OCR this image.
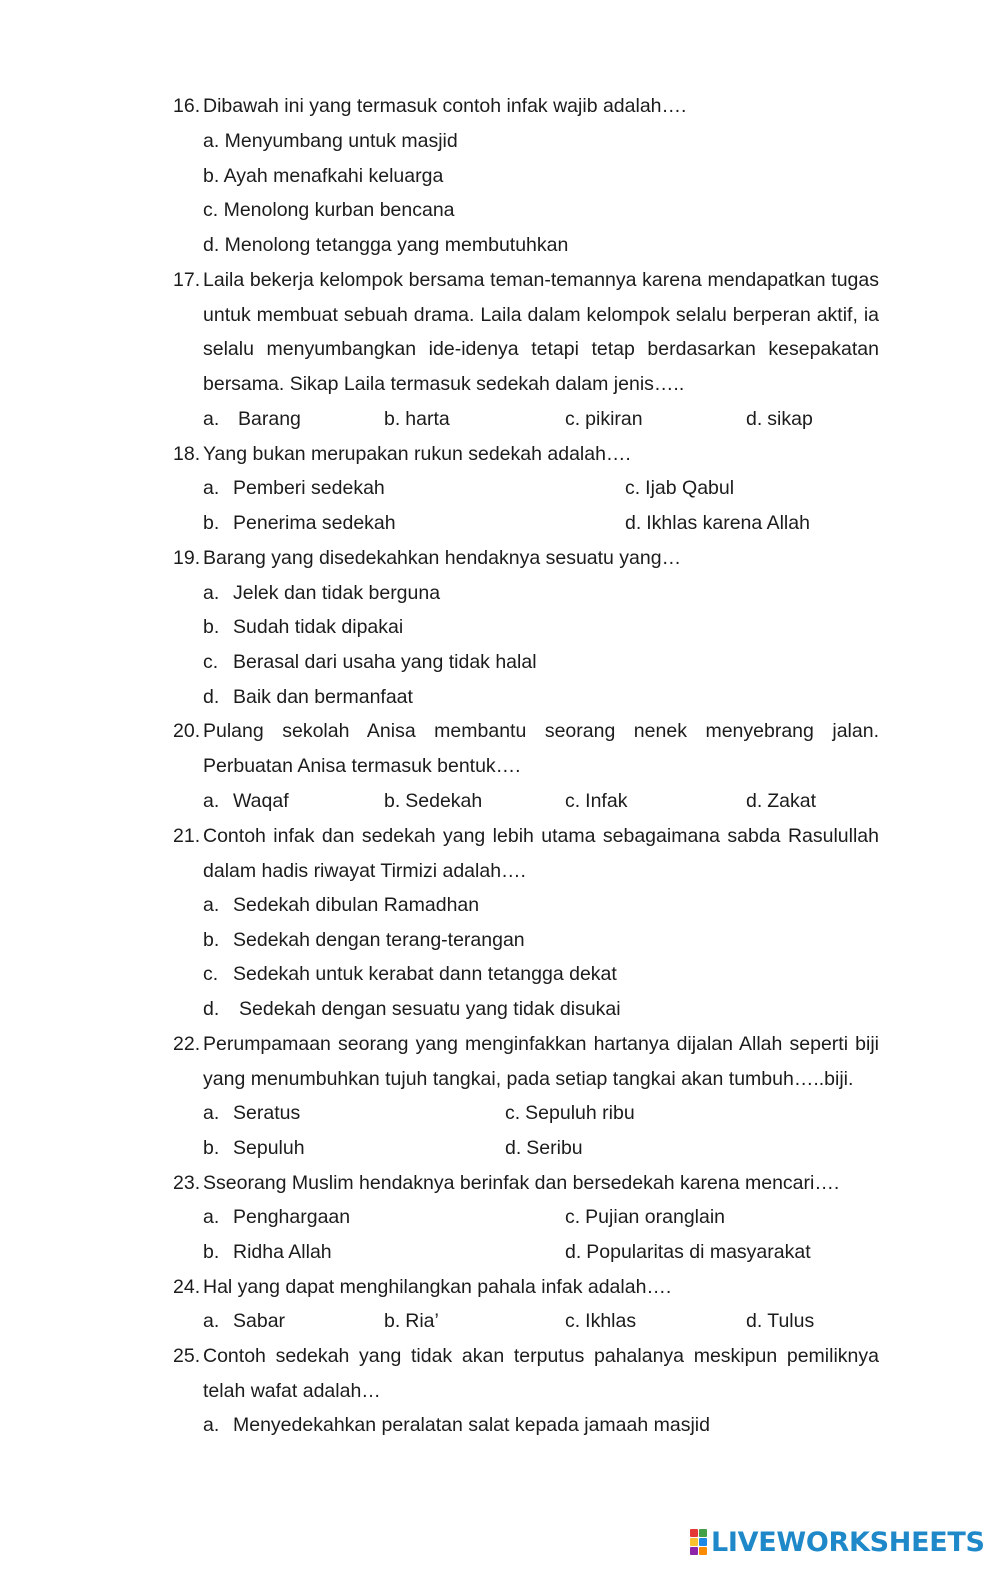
16. Dibawah ini yang termasuk contoh infak wajib adalah….
a. Menyumbang untuk masjid
b. Ayah menafkahi keluarga
c. Menolong kurban bencana
d. Menolong tetangga yang membutuhkan
17. Laila bekerja kelompok bersama teman-temannya karena mendapatkan tugas untuk membuat sebuah drama. Laila dalam kelompok selalu berperan aktif, ia selalu menyumbangkan ide-idenya tetapi tetap berdasarkan kesepakatan bersama. Sikap Laila termasuk sedekah dalam jenis…..
a. Barang	b. harta	c. pikiran	d. sikap
18. Yang bukan merupakan rukun sedekah adalah….
a. Pemberi sedekah	c. Ijab Qabul
b. Penerima sedekah	d. Ikhlas karena Allah
19. Barang yang disedekahkan hendaknya sesuatu yang…
a. Jelek dan tidak berguna
b. Sudah tidak dipakai
c. Berasal dari usaha yang tidak halal
d. Baik dan bermanfaat
20. Pulang sekolah Anisa membantu seorang nenek menyebrang jalan. Perbuatan Anisa termasuk bentuk….
a. Waqaf	b. Sedekah	c. Infak	d. Zakat
21. Contoh infak dan sedekah yang lebih utama sebagaimana sabda Rasulullah dalam hadis riwayat Tirmizi adalah….
a. Sedekah dibulan Ramadhan
b. Sedekah dengan terang-terangan
c. Sedekah untuk kerabat dann tetangga dekat
d. Sedekah dengan sesuatu yang tidak disukai
22. Perumpamaan seorang yang menginfakkan hartanya dijalan Allah seperti biji yang menumbuhkan tujuh tangkai, pada setiap tangkai akan tumbuh…..biji.
a. Seratus	c. Sepuluh ribu
b. Sepuluh	d. Seribu
23. Sseorang Muslim hendaknya berinfak dan bersedekah karena mencari….
a. Penghargaan	c. Pujian oranglain
b. Ridha Allah	d. Popularitas di masyarakat
24. Hal yang dapat menghilangkan pahala infak adalah….
a. Sabar	b. Ria’	c. Ikhlas	d. Tulus
25. Contoh sedekah yang tidak akan terputus pahalanya meskipun pemiliknya telah wafat adalah…
a. Menyedekahkan peralatan salat kepada jamaah masjid
LIVEWORKSHEETS
